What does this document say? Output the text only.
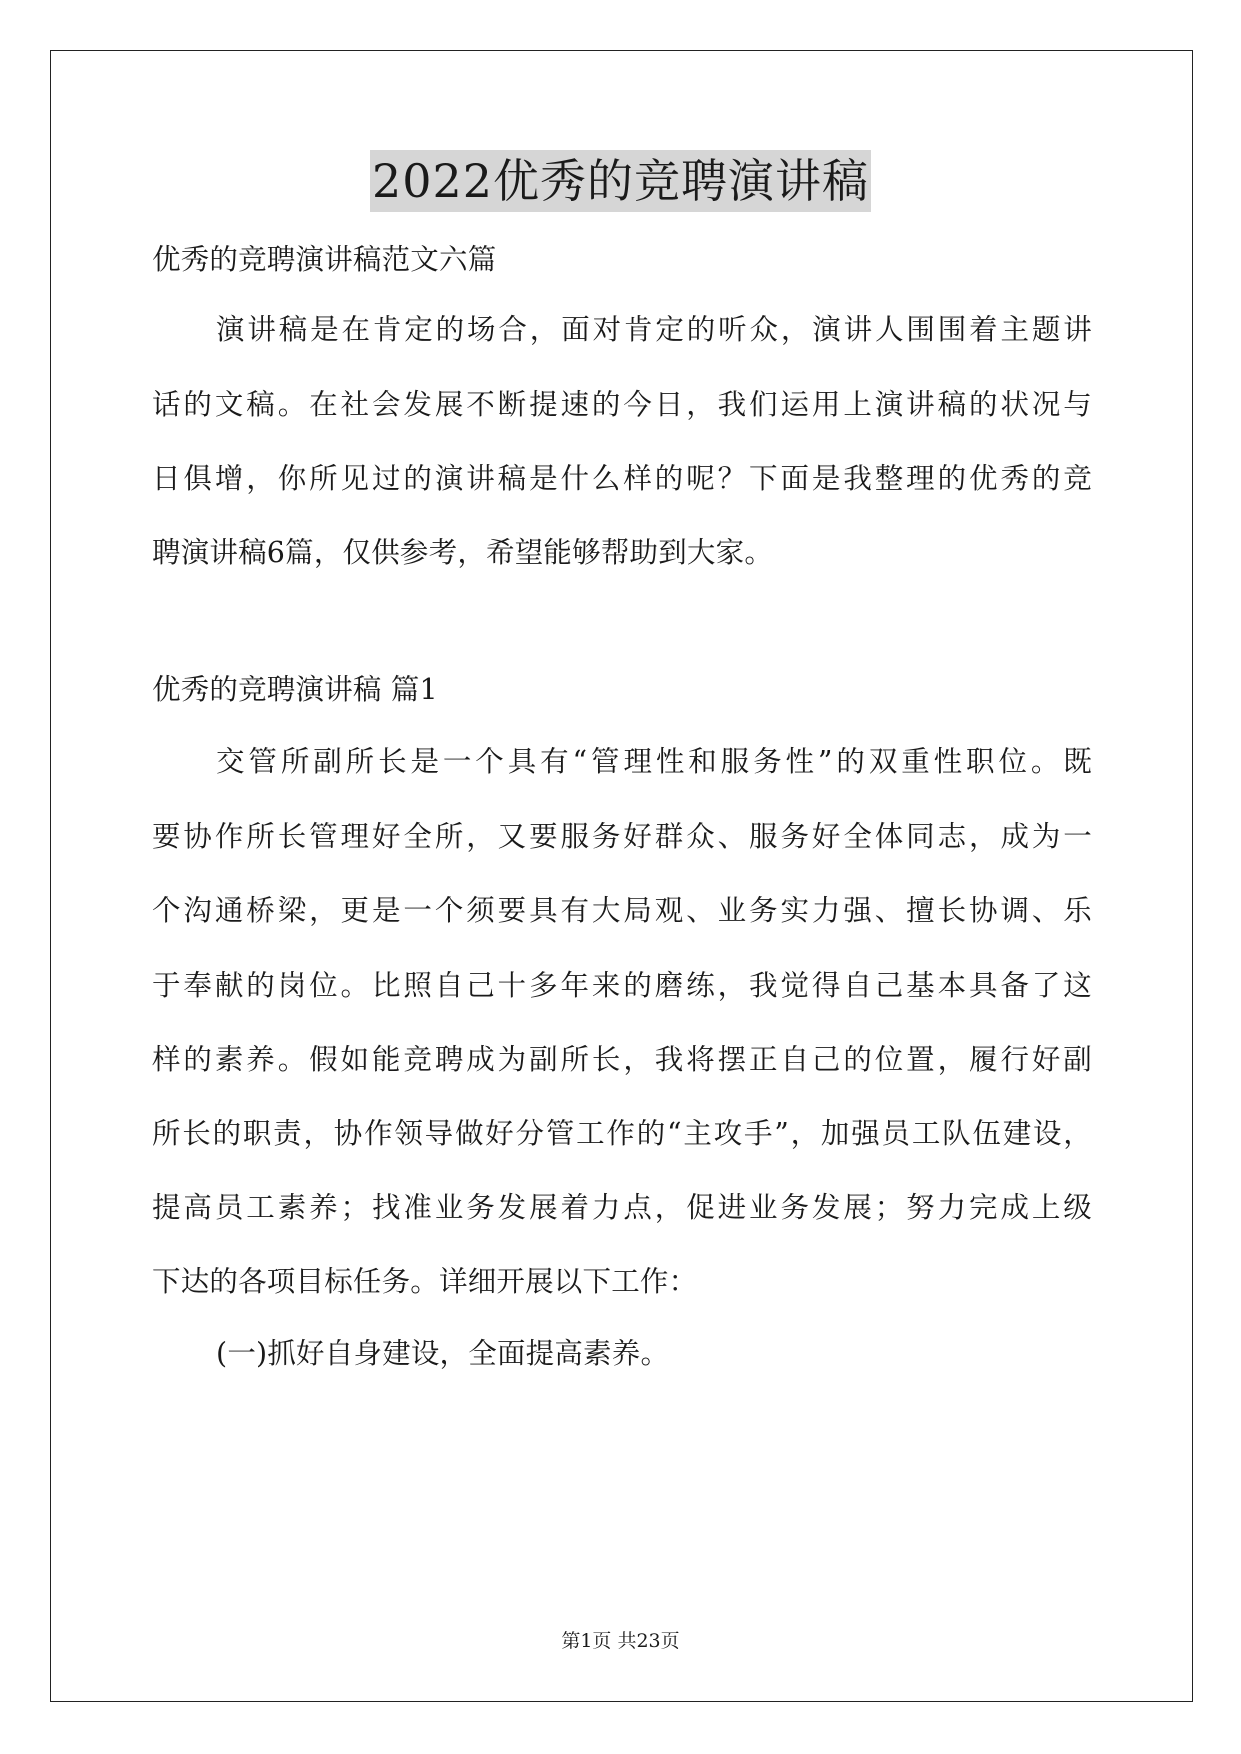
2022优秀的竞聘演讲稿
优秀的竞聘演讲稿范文六篇
演讲稿是在肯定的场合，面对肯定的听众，演讲人围围着主题讲
话的文稿。在社会发展不断提速的今日，我们运用上演讲稿的状况与
日俱增，你所见过的演讲稿是什么样的呢？下面是我整理的优秀的竞
聘演讲稿6篇，仅供参考，希望能够帮助到大家。
优秀的竞聘演讲稿 篇1
交管所副所长是一个具有“管理性和服务性”的双重性职位。既
要协作所长管理好全所，又要服务好群众、服务好全体同志，成为一
个沟通桥梁，更是一个须要具有大局观、业务实力强、擅长协调、乐
于奉献的岗位。比照自己十多年来的磨练，我觉得自己基本具备了这
样的素养。假如能竞聘成为副所长，我将摆正自己的位置，履行好副
所长的职责，协作领导做好分管工作的“主攻手”，加强员工队伍建设，
提高员工素养；找准业务发展着力点，促进业务发展；努力完成上级
下达的各项目标任务。详细开展以下工作：
(一)抓好自身建设，全面提高素养。
第1页 共23页
